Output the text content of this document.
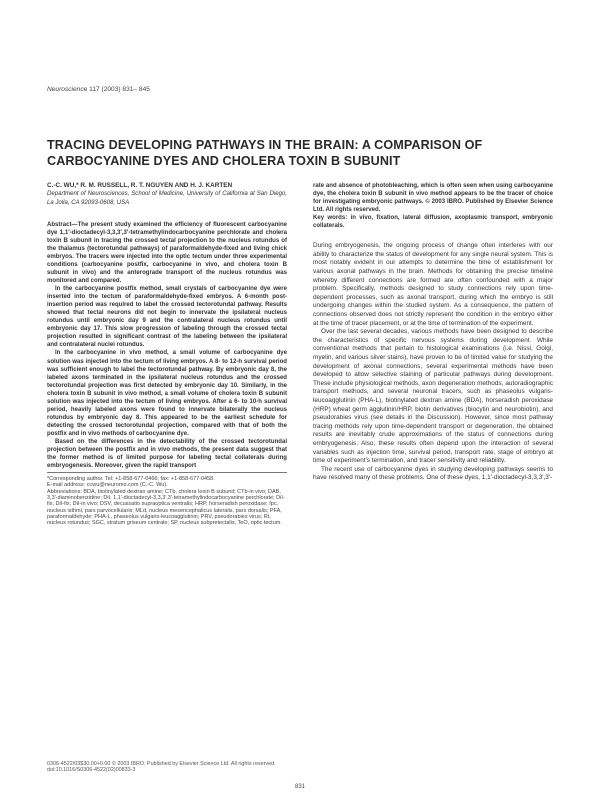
Neuroscience 117 (2003) 831– 845
TRACING DEVELOPING PATHWAYS IN THE BRAIN: A COMPARISON OF CARBOCYANINE DYES AND CHOLERA TOXIN B SUBUNIT

C.-C. WU,* R. M. RUSSELL, R. T. NGUYEN AND H. J. KARTEN

Department of Neurosciences, School of Medicine, University of California at San Diego, La Jolla, CA 92093-0608, USA

Abstract—The present study examined the efficiency of fluorescent carbocyanine dye 1,1′-dioctadecyl-3,3,3′,3′-tetramethylindocarbocyanine perchlorate and cholera toxin B subunit in tracing the crossed tectal projection to the nucleus rotundus of the thalamus (tectorotundal pathways) of paraformaldehyde-fixed and living chick embryos. The tracers were injected into the optic tectum under three experimental conditions (carbocyanine postfix, carbocyanine in vivo, and cholera toxin B subunit in vivo) and the anterograde transport of the nucleus rotundus was monitored and compared.

In the carbocyanine postfix method, small crystals of carbocyanine dye were inserted into the tectum of paraformaldehyde-fixed embryos. A 6-month post-insertion period was required to label the crossed tectorotundal pathway. Results showed that tectal neurons did not begin to innervate the ipsilateral nucleus rotundus until embryonic day 9 and the contralateral nucleus rotundus until embryonic day 17. This slow progression of labeling through the crossed tectal projection resulted in significant contrast of the labeling between the ipsilateral and contralateral nuclei rotundus.

In the carbocyanine in vivo method, a small volume of carbocyanine dye solution was injected into the tectum of living embryos. A 8- to 12-h survival period was sufficient enough to label the tectorotundal pathway. By embryonic day 8, the labeled axons terminated in the ipsilateral nucleus rotundus and the crossed tectorotundal projection was first detected by embryonic day 10. Similarly, in the cholera toxin B subunit in vivo method, a small volume of cholera toxin B subunit solution was injected into the tectum of living embryos. After a 6- to 10-h survival period, heavily labeled axons were found to innervate bilaterally the nucleus rotundus by embryonic day 8. This appeared to be the earliest schedule for detecting the crossed tectorotundal projection, compared with that of both the postfix and in vivo methods of carbocyanine dye.

Based on the differences in the detectability of the crossed tectorotundal projection between the postfix and in vivo methods, the present data suggest that the former method is of limited purpose for labeling tectal collaterals during embryogenesis. Moreover, given the rapid transport

*Corresponding author. Tel: +1-858-677-0466; fax: +1-858-677-0458.

E-mail address: ccwu@neuromo.com (C.-C. Wu).

Abbreviations: BDA, biotinylated dextran amine; CTb, cholera toxin B subunit; CTb-in vivo; DAB, 3,3′-diaminobenzidine; DiI, 1,1′-dioctadecyl-3,3,3′,3′-tetramethylindocarbocyanine perchlorate; DiI-fix, DiI-fix; DiI-in vivo; DSV, decussatio supraoptica ventralis; HRP, horseradish peroxidase; Ipc, nucleus isthmi, pars parvocellularis; MLd, nucleus mesencephalicus lateralis, pars dorsalis; PFA, paraformaldehyde; PHA-L, phaseolus vulgaris-leucoagglutinin; PRV, pseudorabies virus; Rt, nucleus rotundus; SGC, stratum griseum centrale; SP, nucleus subpretectalis; TeO, optic tectum.

rate and absence of photobleaching, which is often seen when using carbocyanine dye, the cholera toxin B subunit in vivo method appears to be the tracer of choice for investigating embryonic pathways. © 2003 IBRO. Published by Elsevier Science Ltd. All rights reserved.

Key words: in vivo, fixation, lateral diffusion, axoplasmic transport, embryonic collaterals.

During embryogenesis, the ongoing process of change often interferes with our ability to characterize the status of development for any single neural system. This is most notably evident in our attempts to determine the time of establishment for various axonal pathways in the brain. Methods for obtaining the precise timeline whereby different connections are formed are often confounded with a major problem. Specifically, methods designed to study connections rely upon time-dependent processes, such as axonal transport, during which the embryo is still undergoing changes within the studied system. As a consequence, the pattern of connections observed does not strictly represent the condition in the embryo either at the time of tracer placement, or at the time of termination of the experiment.

Over the last several decades, various methods have been designed to describe the characteristics of specific nervous systems during development. While conventional methods that pertain to histological examinations (i.e. Nissl, Golgi, myelin, and various silver stains), have proven to be of limited value for studying the development of axonal connections, several experimental methods have been developed to allow selective staining of particular pathways during development. These include physiological methods, axon degeneration methods, autoradiographic transport methods, and several neuronal tracers, such as phaseolus vulgaris-leucoagglutinin (PHA-L), biotinylated dextran amine (BDA), horseradish peroxidase (HRP) wheat germ agglutinin/HRP, biotin derivatives (biocytin and neurobiotin), and pseudorabies virus (see details in the Discussion). However, since most pathway tracing methods rely upon time-dependent transport or degeneration, the obtained results are inevitably crude approximations of the status of connections during embryogenesis. Also, these results often depend upon the interaction of several variables such as injection time, survival period, transport rate, stage of embryo at time of experiment's termination, and tracer sensitivity and reliability.

The recent use of carbocyanine dyes in studying developing pathways seems to have resolved many of these problems. One of these dyes, 1,1′-dioctadecyl-3,3,3′,3′-

0306-4522/03$30.00+0.00 © 2003 IBRO. Published by Elsevier Science Ltd. All rights reserved.

doi:10.1016/S0306-4522(02)00833-3

831
